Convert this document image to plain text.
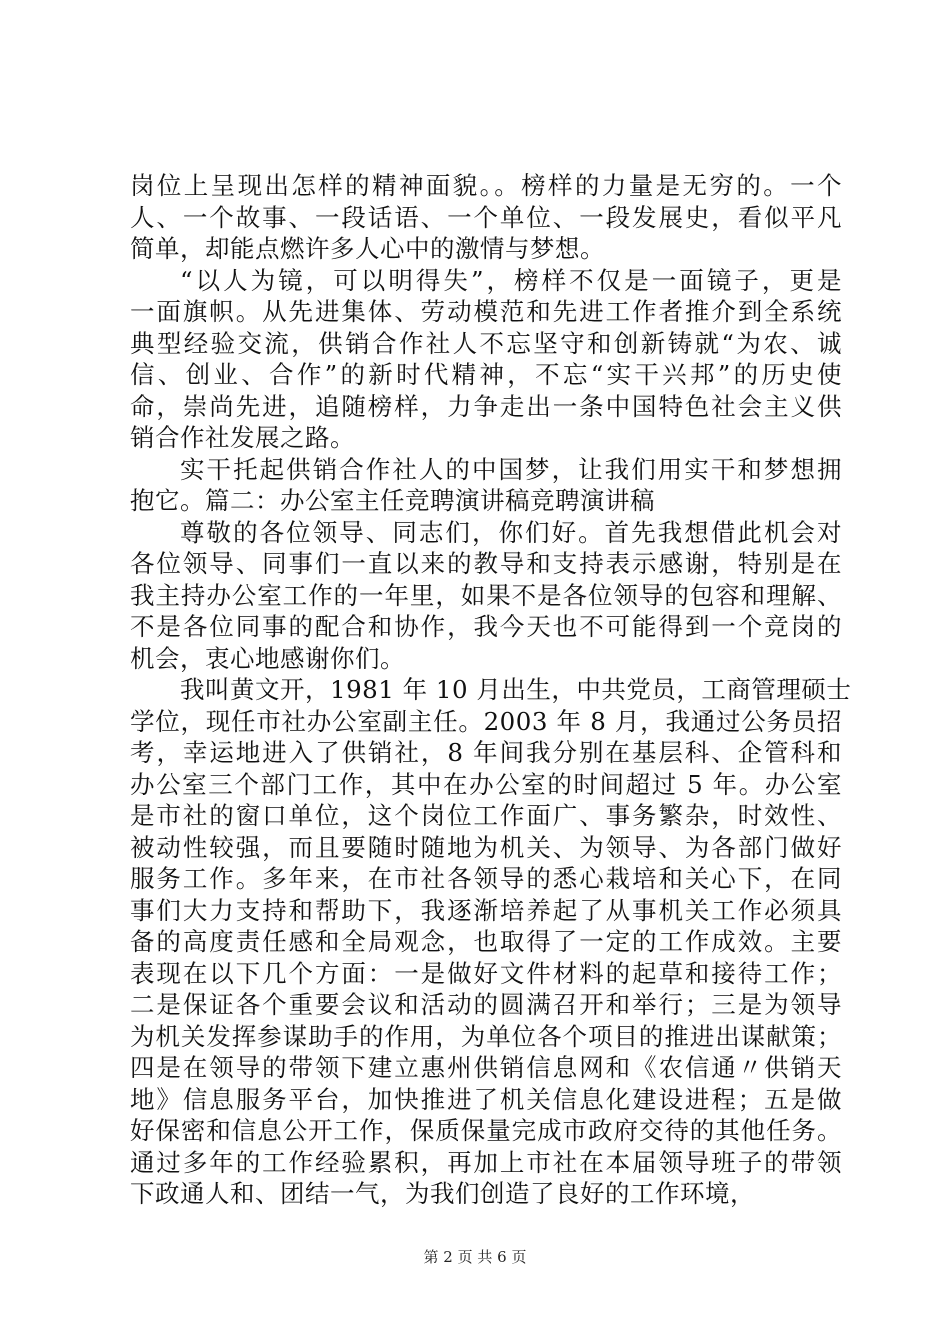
岗位上呈现出怎样的精神面貌。。榜样的力量是无穷的。一个
人、一个故事、一段话语、一个单位、一段发展史，看似平凡
简单，却能点燃许多人心中的激情与梦想。
“以人为镜，可以明得失”，榜样不仅是一面镜子，更是
一面旗帜。从先进集体、劳动模范和先进工作者推介到全系统
典型经验交流，供销合作社人不忘坚守和创新铸就“为农、诚
信、创业、合作”的新时代精神，不忘“实干兴邦”的历史使
命，崇尚先进，追随榜样，力争走出一条中国特色社会主义供
销合作社发展之路。
实干托起供销合作社人的中国梦，让我们用实干和梦想拥
抱它。篇二：办公室主任竞聘演讲稿竞聘演讲稿
尊敬的各位领导、同志们，你们好。首先我想借此机会对
各位领导、同事们一直以来的教导和支持表示感谢，特别是在
我主持办公室工作的一年里，如果不是各位领导的包容和理解、
不是各位同事的配合和协作，我今天也不可能得到一个竞岗的
机会，衷心地感谢你们。
我叫黄文开，1981 年 10 月出生，中共党员，工商管理硕士
学位，现任市社办公室副主任。2003 年 8 月，我通过公务员招
考，幸运地进入了供销社，8 年间我分别在基层科、企管科和
办公室三个部门工作，其中在办公室的时间超过 5 年。办公室
是市社的窗口单位，这个岗位工作面广、事务繁杂，时效性、
被动性较强，而且要随时随地为机关、为领导、为各部门做好
服务工作。多年来，在市社各领导的悉心栽培和关心下，在同
事们大力支持和帮助下，我逐渐培养起了从事机关工作必须具
备的高度责任感和全局观念，也取得了一定的工作成效。主要
表现在以下几个方面：一是做好文件材料的起草和接待工作；
二是保证各个重要会议和活动的圆满召开和举行；三是为领导
为机关发挥参谋助手的作用，为单位各个项目的推进出谋献策；
四是在领导的带领下建立惠州供销信息网和《农信通〃供销天
地》信息服务平台，加快推进了机关信息化建设进程；五是做
好保密和信息公开工作，保质保量完成市政府交待的其他任务。
通过多年的工作经验累积，再加上市社在本届领导班子的带领
下政通人和、团结一气，为我们创造了良好的工作环境，
第 2 页 共 6 页
